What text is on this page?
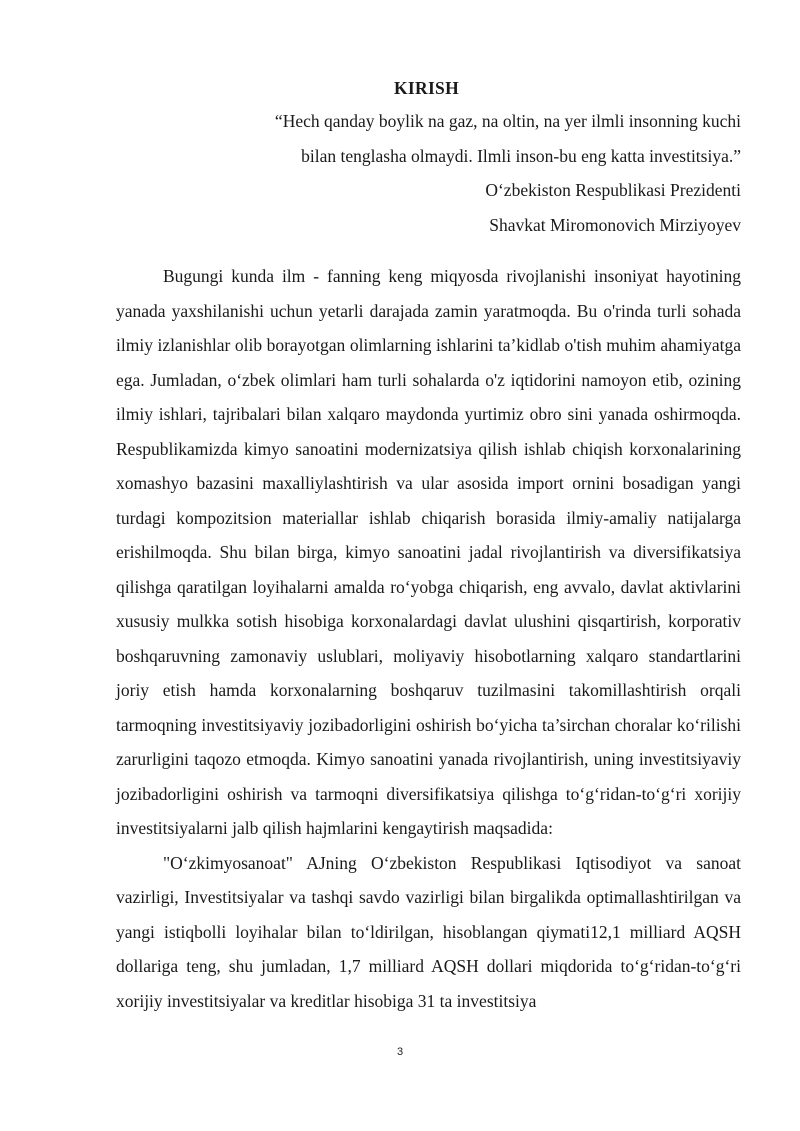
KIRISH
“Hech qanday boylik na gaz, na oltin, na yer ilmli insonning kuchi
bilan tenglasha olmaydi. Ilmli inson-bu eng katta investitsiya.”
O‘zbekiston Respublikasi Prezidenti
Shavkat Miromonovich Mirziyoyev

Bugungi kunda ilm - fanning keng miqyosda rivojlanishi insoniyat hayotining yanada yaxshilanishi uchun yetarli darajada zamin yaratmoqda. Bu o'rinda turli sohada ilmiy izlanishlar olib borayotgan olimlarning ishlarini ta’kidlab o'tish muhim ahamiyatga ega. Jumladan, o‘zbek olimlari ham turli sohalarda o'z iqtidorini namoyon etib, ozining ilmiy ishlari, tajribalari bilan xalqaro maydonda yurtimiz obro sini yanada oshirmoqda. Respublikamizda kimyo sanoatini modernizatsiya qilish ishlab chiqish korxonalarining xomashyo bazasini maxalliylashtirish va ular asosida import ornini bosadigan yangi turdagi kompozitsion materiallar ishlab chiqarish borasida ilmiy-amaliy natijalarga erishilmoqda. Shu bilan birga, kimyo sanoatini jadal rivojlantirish va diversifikatsiya qilishga qaratilgan loyihalarni amalda ro‘yobga chiqarish, eng avvalo, davlat aktivlarini xususiy mulkka sotish hisobiga korxonalardagi davlat ulushini qisqartirish, korporativ boshqaruvning zamonaviy uslublari, moliyaviy hisobotlarning xalqaro standartlarini joriy etish hamda korxonalarning boshqaruv tuzilmasini takomillashtirish orqali tarmoqning investitsiyaviy jozibadorligini oshirish bo‘yicha ta’sirchan choralar ko‘rilishi zarurligini taqozo etmoqda. Kimyo sanoatini yanada rivojlantirish, uning investitsiyaviy jozibadorligini oshirish va tarmoqni diversifikatsiya qilishga to‘g‘ridan-to‘g‘ri xorijiy investitsiyalarni jalb qilish hajmlarini kengaytirish maqsadida:

"O‘zkimyosanoat" AJning O‘zbekiston Respublikasi Iqtisodiyot va sanoat vazirligi, Investitsiyalar va tashqi savdo vazirligi bilan birgalikda optimallashtirilgan va yangi istiqbolli loyihalar bilan to‘ldirilgan, hisoblangan qiymati12,1 milliard AQSH dollariga teng, shu jumladan, 1,7 milliard AQSH dollari miqdorida to‘g‘ridan-to‘g‘ri xorijiy investitsiyalar va kreditlar hisobiga 31 ta investitsiya

3
